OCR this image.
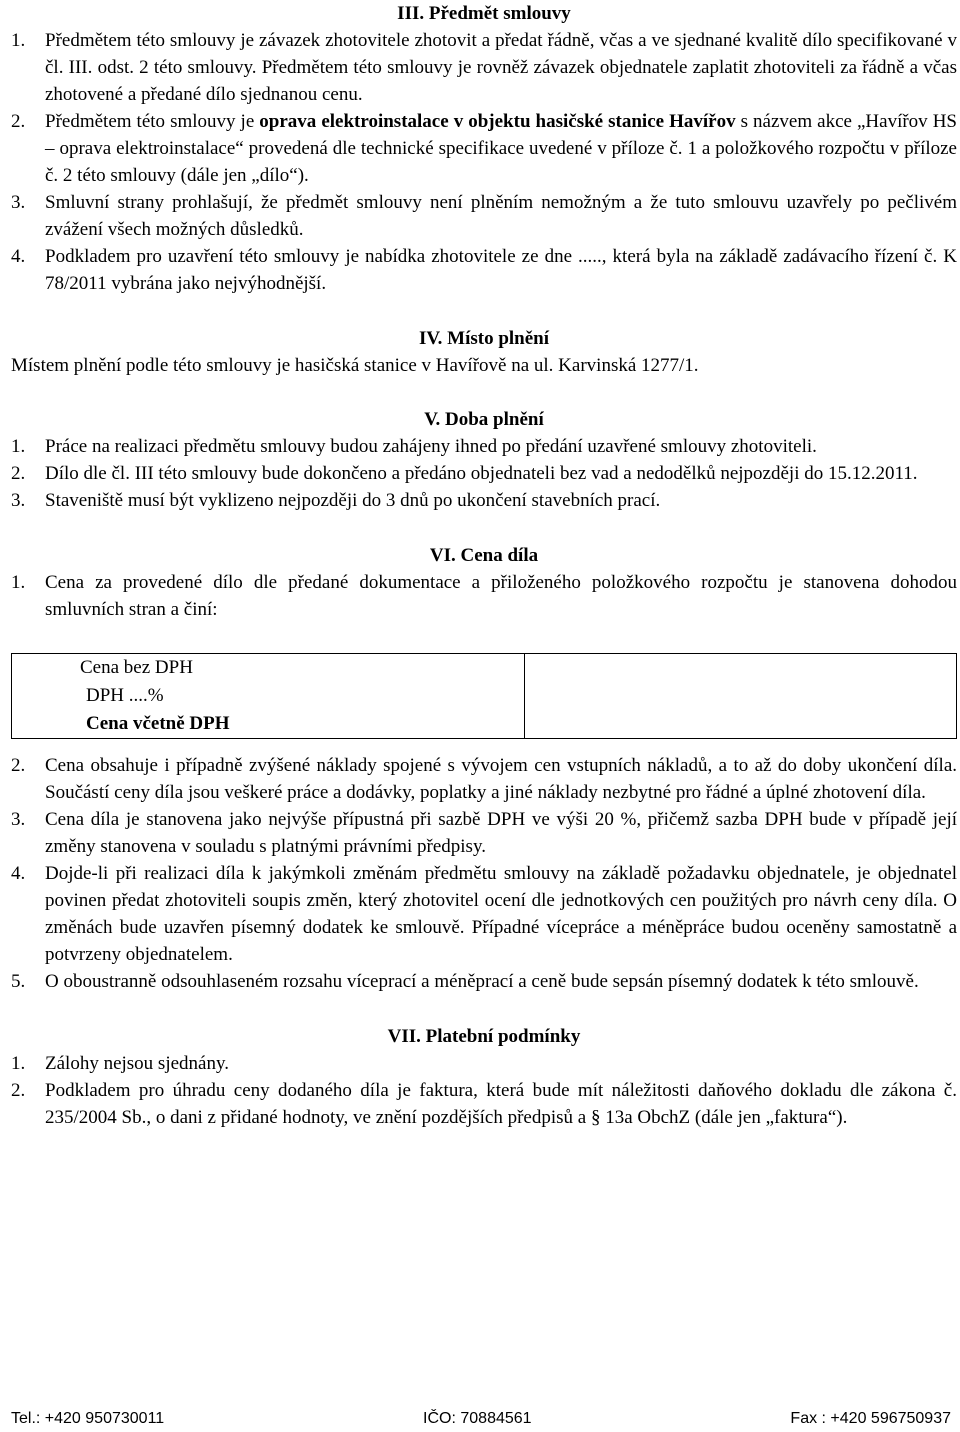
III. Předmět smlouvy

1.	Předmětem této smlouvy je závazek zhotovitele zhotovit a předat řádně, včas a ve sjednané kvalitě dílo specifikované v čl. III. odst. 2 této smlouvy. Předmětem této smlouvy je rovněž závazek objednatele zaplatit zhotoviteli za řádně a včas zhotovené a předané dílo sjednanou cenu.
2.	Předmětem této smlouvy je oprava elektroinstalace v objektu hasičské stanice Havířov s názvem akce „Havířov HS – oprava elektroinstalace“ provedená dle technické specifikace uvedené v příloze č. 1 a položkového rozpočtu v příloze č. 2 této smlouvy (dále jen „dílo“).
3.	Smluvní strany prohlašují, že předmět smlouvy není plněním nemožným a že tuto smlouvu uzavřely po pečlivém zvážení všech možných důsledků.
4.	Podkladem pro uzavření této smlouvy je nabídka zhotovitele ze dne ....., která byla na základě zadávacího řízení č. K 78/2011 vybrána jako nejvýhodnější.

IV. Místo plnění

Místem plnění podle této smlouvy je hasičská stanice v Havířově na ul. Karvinská 1277/1.

V. Doba plnění

1.	Práce na realizaci předmětu smlouvy budou zahájeny ihned po předání uzavřené smlouvy zhotoviteli.
2.	Dílo dle čl. III této smlouvy bude dokončeno a předáno objednateli bez vad a nedodělků nejpozději do 15.12.2011.
3.	Staveniště musí být vyklizeno nejpozději do 3 dnů po ukončení stavebních prací.

VI. Cena díla

1.	Cena za provedené dílo dle předané dokumentace a přiloženého položkového rozpočtu je stanovena dohodou smluvních stran a činí:
Cena bez DPH
DPH ....%
Cena včetně DPH

2.	Cena obsahuje i případně zvýšené náklady spojené s vývojem cen vstupních nákladů, a to až do doby ukončení díla. Součástí ceny díla jsou veškeré práce a dodávky, poplatky a jiné náklady nezbytné pro řádné a úplné zhotovení díla.
3.	Cena díla je stanovena jako nejvýše přípustná při sazbě DPH ve výši 20 %, přičemž sazba DPH bude v případě její změny stanovena v souladu s platnými právními předpisy.
4.	Dojde-li při realizaci díla k jakýmkoli změnám předmětu smlouvy na základě požadavku objednatele, je objednatel povinen předat zhotoviteli soupis změn, který zhotovitel ocení dle jednotkových cen použitých pro návrh ceny díla. O změnách bude uzavřen písemný dodatek ke smlouvě. Případné vícepráce a méněpráce budou oceněny samostatně a potvrzeny objednatelem.
5.	O oboustranně odsouhlaseném rozsahu víceprací a méněprací a ceně bude sepsán písemný dodatek k této smlouvě.

VII. Platební podmínky

1.	Zálohy nejsou sjednány.
2.	Podkladem pro úhradu ceny dodaného díla je faktura, která bude mít náležitosti daňového dokladu dle zákona č. 235/2004 Sb., o dani z přidané hodnoty, ve znění pozdějších předpisů a § 13a ObchZ (dále jen „faktura“).
Tel.: +420 950730011	IČO: 70884561	Fax : +420 596750937
